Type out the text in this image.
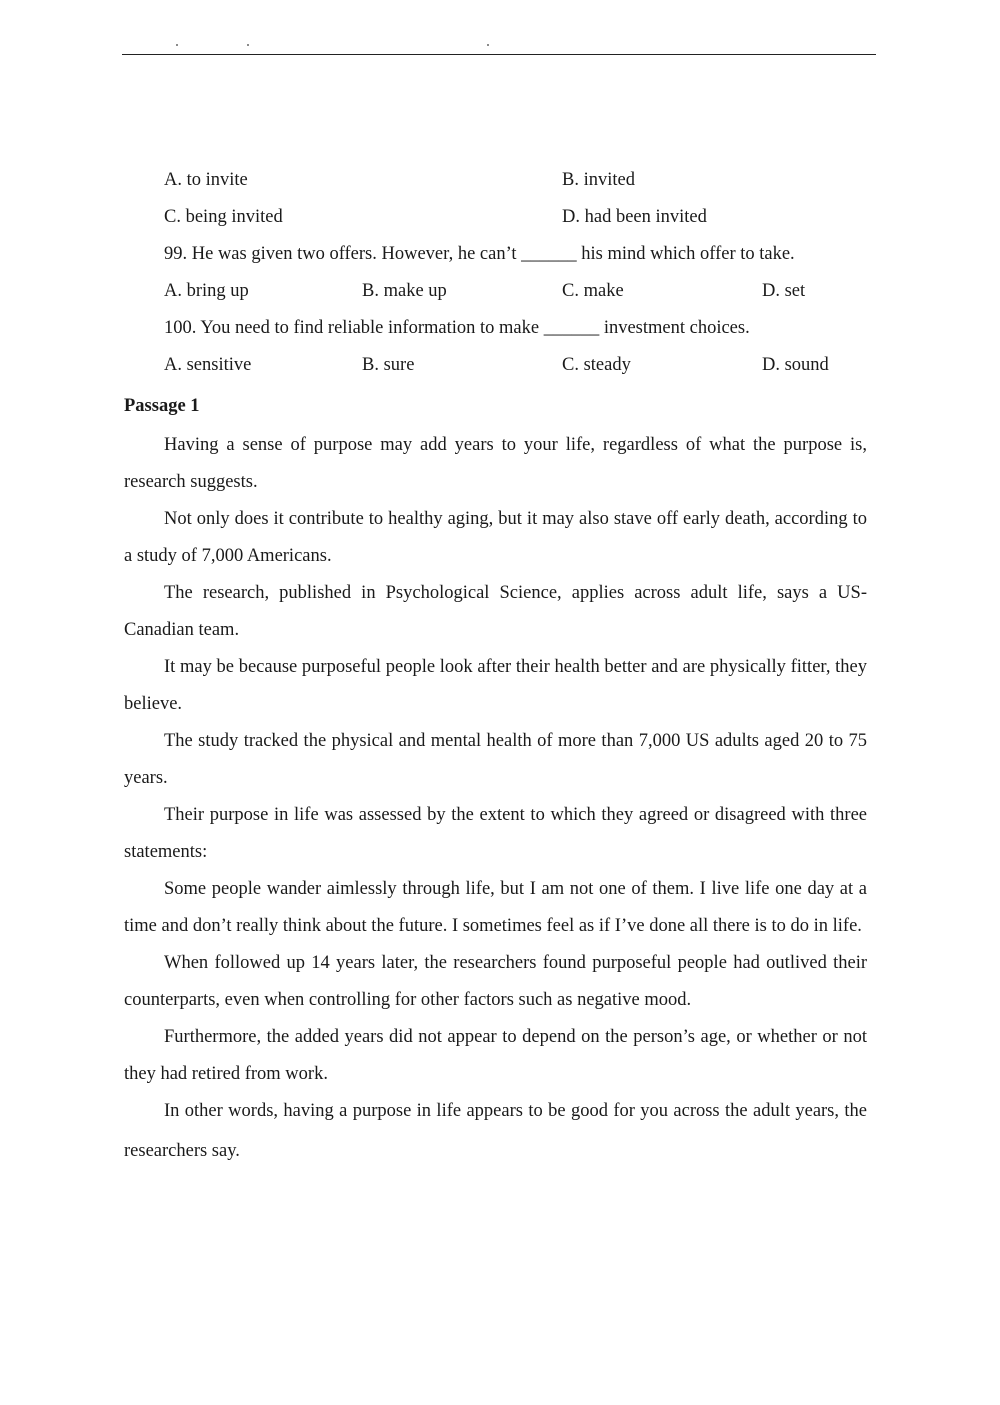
A. to invite	B. invited
C. being invited	D. had been invited
99. He was given two offers. However, he can’t ______ his mind which offer to take.
A. bring up	B. make up	C. make	D. set
100. You need to find reliable information to make ______ investment choices.
A. sensitive	B. sure	C. steady	D. sound
Passage 1

Having a sense of purpose may add years to your life, regardless of what the purpose is, research suggests.

Not only does it contribute to healthy aging, but it may also stave off early death, according to a study of 7,000 Americans.

The research, published in Psychological Science, applies across adult life, says a US-Canadian team.

It may be because purposeful people look after their health better and are physically fitter, they believe.

The study tracked the physical and mental health of more than 7,000 US adults aged 20 to 75 years.

Their purpose in life was assessed by the extent to which they agreed or disagreed with three statements:

Some people wander aimlessly through life, but I am not one of them. I live life one day at a time and don’t really think about the future. I sometimes feel as if I’ve done all there is to do in life.

When followed up 14 years later, the researchers found purposeful people had outlived their counterparts, even when controlling for other factors such as negative mood.

Furthermore, the added years did not appear to depend on the person’s age, or whether or not they had retired from work.

In other words, having a purpose in life appears to be good for you across the adult years, the researchers say.
